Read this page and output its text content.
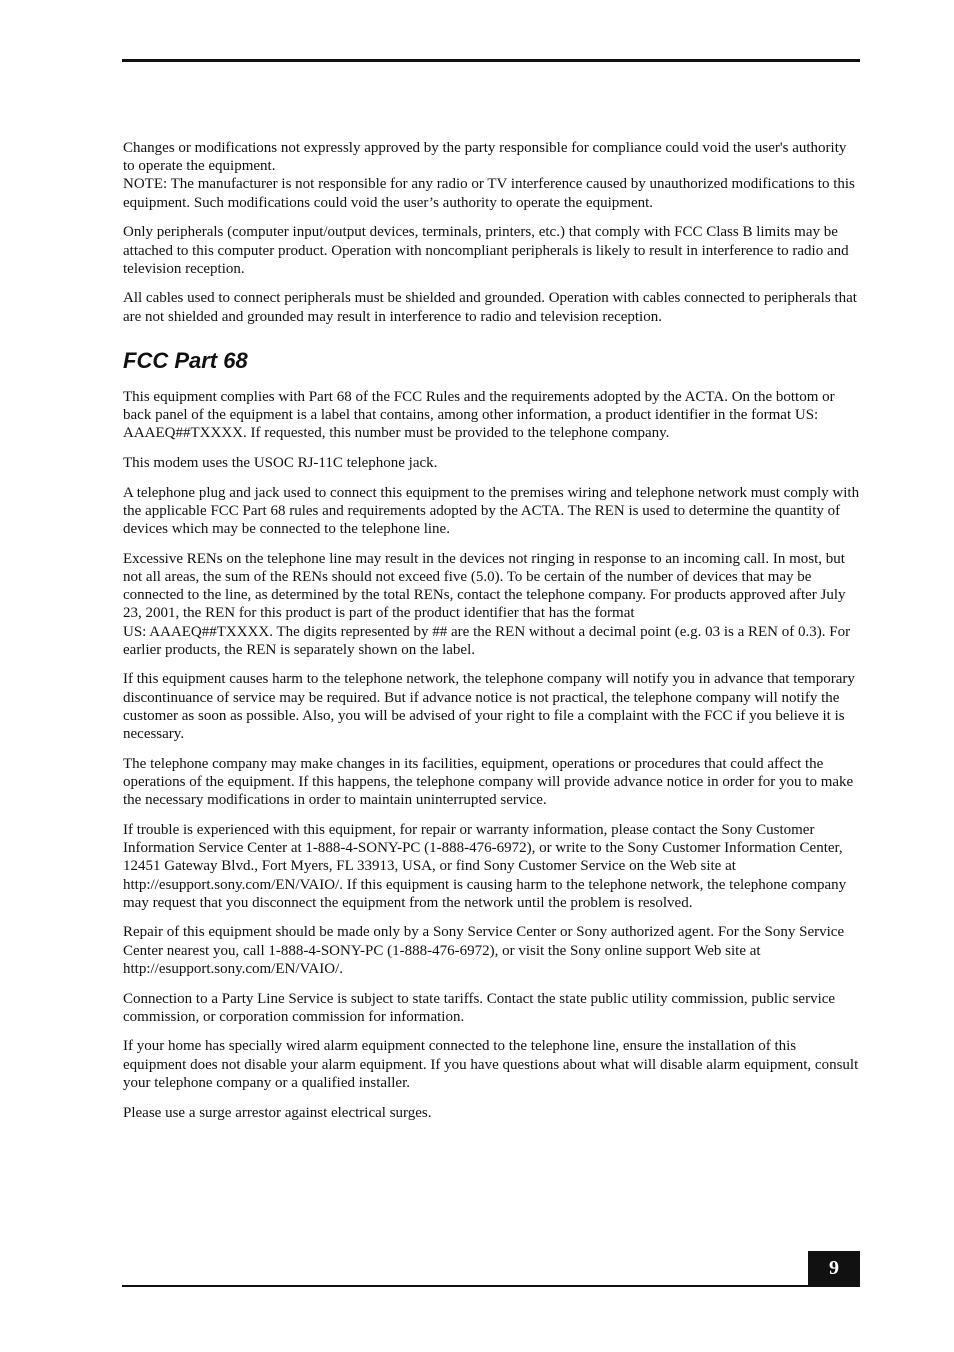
Changes or modifications not expressly approved by the party responsible for compliance could void the user's authority to operate the equipment.
NOTE: The manufacturer is not responsible for any radio or TV interference caused by unauthorized modifications to this equipment. Such modifications could void the user’s authority to operate the equipment.

Only peripherals (computer input/output devices, terminals, printers, etc.) that comply with FCC Class B limits may be attached to this computer product. Operation with noncompliant peripherals is likely to result in interference to radio and television reception.

All cables used to connect peripherals must be shielded and grounded. Operation with cables connected to peripherals that are not shielded and grounded may result in interference to radio and television reception.

FCC Part 68

This equipment complies with Part 68 of the FCC Rules and the requirements adopted by the ACTA. On the bottom or back panel of the equipment is a label that contains, among other information, a product identifier in the format US: AAAEQ##TXXXX. If requested, this number must be provided to the telephone company.

This modem uses the USOC RJ-11C telephone jack.

A telephone plug and jack used to connect this equipment to the premises wiring and telephone network must comply with the applicable FCC Part 68 rules and requirements adopted by the ACTA. The REN is used to determine the quantity of devices which may be connected to the telephone line.

Excessive RENs on the telephone line may result in the devices not ringing in response to an incoming call. In most, but not all areas, the sum of the RENs should not exceed five (5.0). To be certain of the number of devices that may be connected to the line, as determined by the total RENs, contact the telephone company. For products approved after July 23, 2001, the REN for this product is part of the product identifier that has the format
US: AAAEQ##TXXXX. The digits represented by ## are the REN without a decimal point (e.g. 03 is a REN of 0.3). For earlier products, the REN is separately shown on the label.

If this equipment causes harm to the telephone network, the telephone company will notify you in advance that temporary discontinuance of service may be required. But if advance notice is not practical, the telephone company will notify the customer as soon as possible. Also, you will be advised of your right to file a complaint with the FCC if you believe it is necessary.

The telephone company may make changes in its facilities, equipment, operations or procedures that could affect the operations of the equipment. If this happens, the telephone company will provide advance notice in order for you to make the necessary modifications in order to maintain uninterrupted service.

If trouble is experienced with this equipment, for repair or warranty information, please contact the Sony Customer Information Service Center at 1-888-4-SONY-PC (1-888-476-6972), or write to the Sony Customer Information Center, 12451 Gateway Blvd., Fort Myers, FL 33913, USA, or find Sony Customer Service on the Web site at http://esupport.sony.com/EN/VAIO/. If this equipment is causing harm to the telephone network, the telephone company may request that you disconnect the equipment from the network until the problem is resolved.

Repair of this equipment should be made only by a Sony Service Center or Sony authorized agent. For the Sony Service Center nearest you, call 1-888-4-SONY-PC (1-888-476-6972), or visit the Sony online support Web site at http://esupport.sony.com/EN/VAIO/.

Connection to a Party Line Service is subject to state tariffs. Contact the state public utility commission, public service commission, or corporation commission for information.

If your home has specially wired alarm equipment connected to the telephone line, ensure the installation of this equipment does not disable your alarm equipment. If you have questions about what will disable alarm equipment, consult your telephone company or a qualified installer.

Please use a surge arrestor against electrical surges.

9
